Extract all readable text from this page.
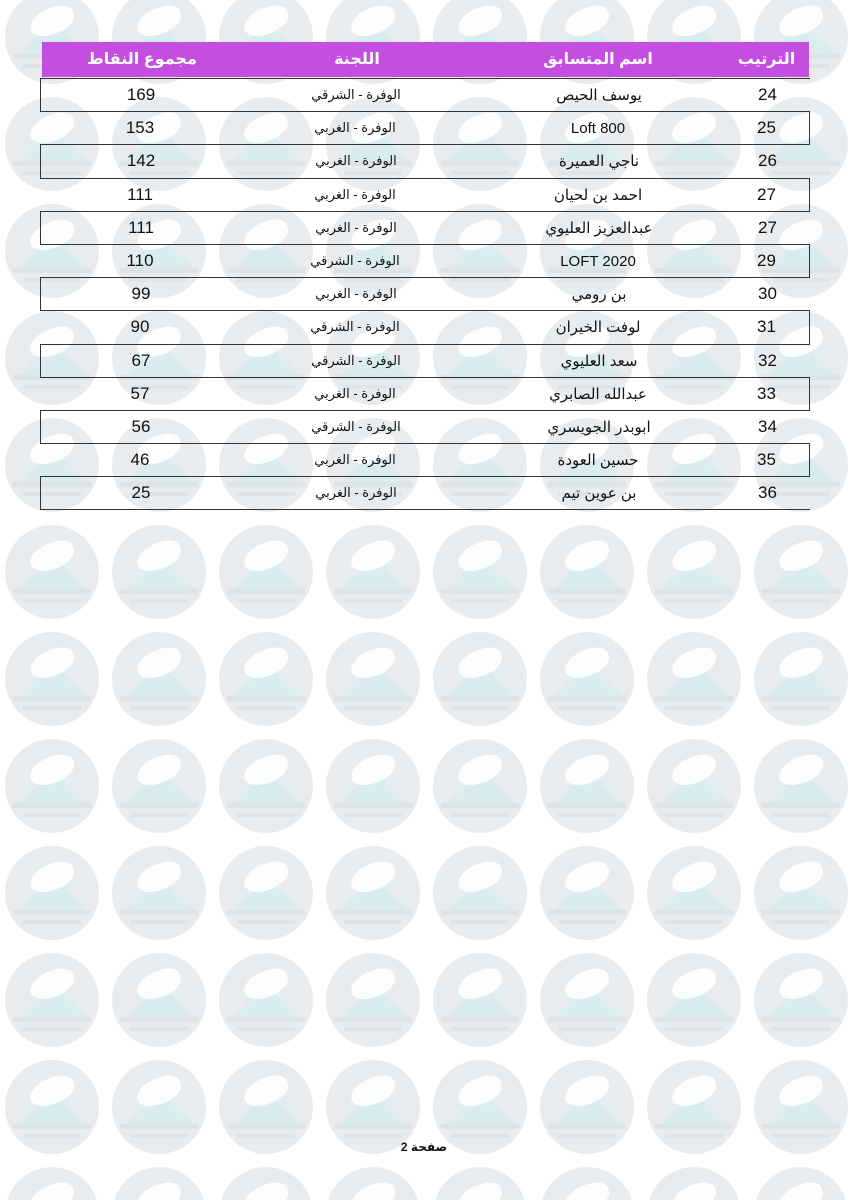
الترتيب
اسم المتسابق
اللجنة
مجموع النقاط
24
يوسف الحيص
الوفرة - الشرقي
169
25
Loft 800
الوفرة - الغربي
153
26
ناجي العميرة
الوفرة - الغربي
142
27
احمد بن لحيان
الوفرة - الغربي
111
27
عبدالعزيز العليوي
الوفرة - الغربي
111
29
LOFT 2020
الوفرة - الشرقي
110
30
بن رومي
الوفرة - الغربي
99
31
لوفت الخيران
الوفرة - الشرقي
90
32
سعد العليوي
الوفرة - الشرقي
67
33
عبدالله الصابري
الوفرة - الغربي
57
34
ابوبدر الجويسري
الوفرة - الشرقي
56
35
حسين العودة
الوفرة - الغربي
46
36
بن عوين تيم
الوفرة - الغربي
25
صفحة 2
